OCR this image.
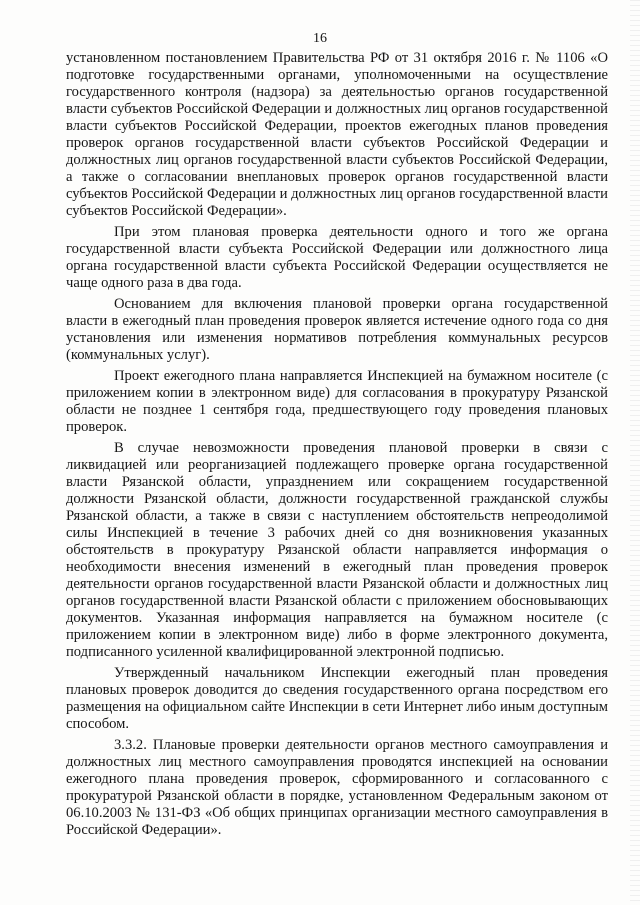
16

установленном постановлением Правительства РФ от 31 октября 2016 г. № 1106 «О подготовке государственными органами, уполномоченными на осуществление государственного контроля (надзора) за деятельностью органов государственной власти субъектов Российской Федерации и должностных лиц органов государственной власти субъектов Российской Федерации, проектов ежегодных планов проведения проверок органов государственной власти субъектов Российской Федерации и должностных лиц органов государственной власти субъектов Российской Федерации, а также о согласовании внеплановых проверок органов государственной власти субъектов Российской Федерации и должностных лиц органов государственной власти субъектов Российской Федерации».

При этом плановая проверка деятельности одного и того же органа государственной власти субъекта Российской Федерации или должностного лица органа государственной власти субъекта Российской Федерации осуществляется не чаще одного раза в два года.

Основанием для включения плановой проверки органа государственной власти в ежегодный план проведения проверок является истечение одного года со дня установления или изменения нормативов потребления коммунальных ресурсов (коммунальных услуг).

Проект ежегодного плана направляется Инспекцией на бумажном носителе (с приложением копии в электронном виде) для согласования в прокуратуру Рязанской области не позднее 1 сентября года, предшествующего году проведения плановых проверок.

В случае невозможности проведения плановой проверки в связи с ликвидацией или реорганизацией подлежащего проверке органа государственной власти Рязанской области, упразднением или сокращением государственной должности Рязанской области, должности государственной гражданской службы Рязанской области, а также в связи с наступлением обстоятельств непреодолимой силы Инспекцией в течение 3 рабочих дней со дня возникновения указанных обстоятельств в прокуратуру Рязанской области направляется информация о необходимости внесения изменений в ежегодный план проведения проверок деятельности органов государственной власти Рязанской области и должностных лиц органов государственной власти Рязанской области с приложением обосновывающих документов. Указанная информация направляется на бумажном носителе (с приложением копии в электронном виде) либо в форме электронного документа, подписанного усиленной квалифицированной электронной подписью.

Утвержденный начальником Инспекции ежегодный план проведения плановых проверок доводится до сведения государственного органа посредством его размещения на официальном сайте Инспекции в сети Интернет либо иным доступным способом.

3.3.2. Плановые проверки деятельности органов местного самоуправления и должностных лиц местного самоуправления проводятся инспекцией на основании ежегодного плана проведения проверок, сформированного и согласованного с прокуратурой Рязанской области в порядке, установленном Федеральным законом от 06.10.2003 № 131-ФЗ «Об общих принципах организации местного самоуправления в Российской Федерации».
